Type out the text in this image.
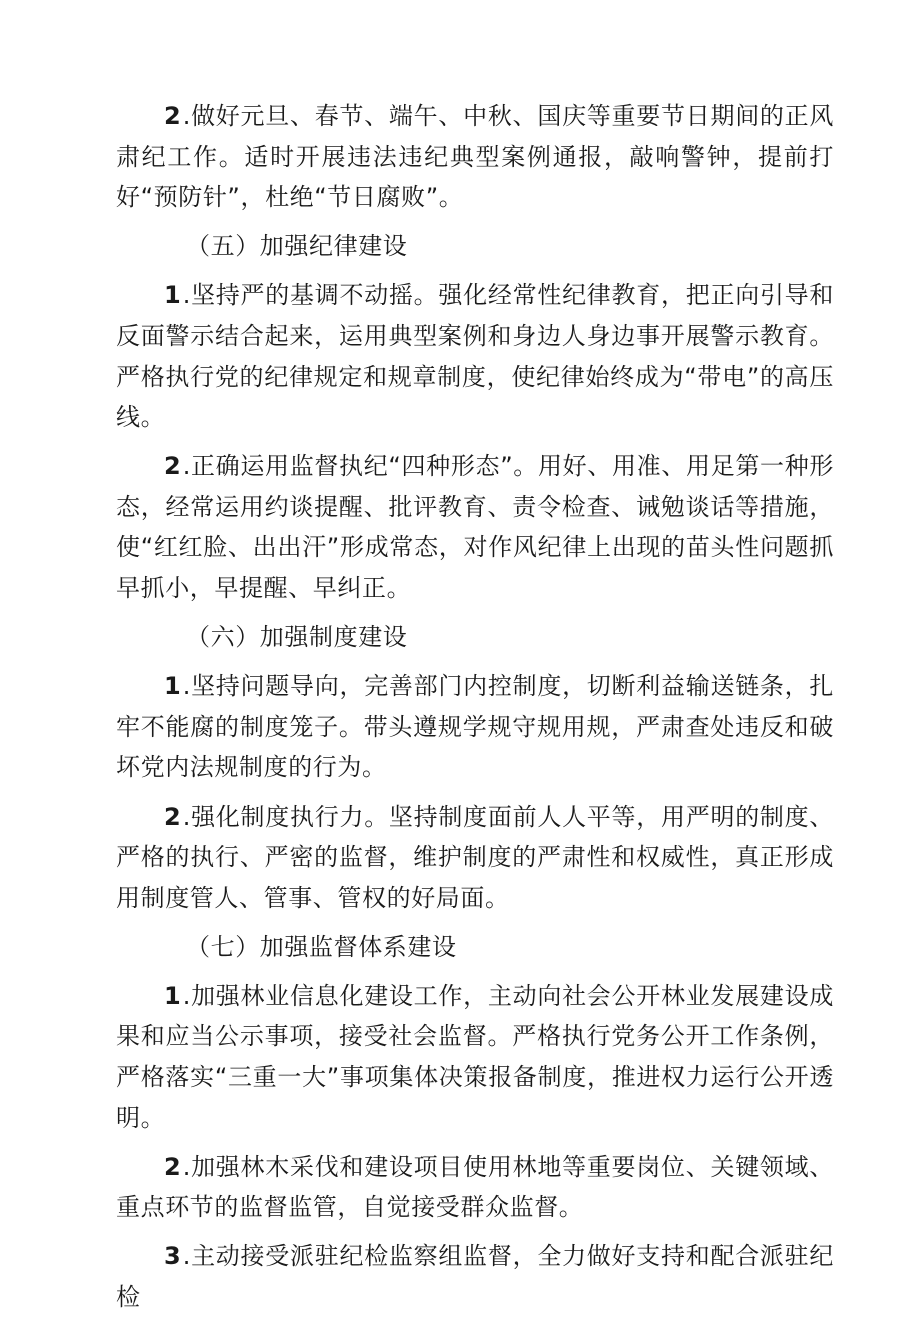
2.做好元旦、春节、端午、中秋、国庆等重要节日期间的正风肃纪工作。适时开展违法违纪典型案例通报，敲响警钟，提前打好“预防针”，杜绝“节日腐败”。

（五）加强纪律建设

1.坚持严的基调不动摇。强化经常性纪律教育，把正向引导和反面警示结合起来，运用典型案例和身边人身边事开展警示教育。严格执行党的纪律规定和规章制度，使纪律始终成为“带电”的高压线。

2.正确运用监督执纪“四种形态”。用好、用准、用足第一种形态，经常运用约谈提醒、批评教育、责令检查、诫勉谈话等措施，使“红红脸、出出汗”形成常态，对作风纪律上出现的苗头性问题抓早抓小，早提醒、早纠正。

（六）加强制度建设

1.坚持问题导向，完善部门内控制度，切断利益输送链条，扎牢不能腐的制度笼子。带头遵规学规守规用规，严肃查处违反和破坏党内法规制度的行为。

2.强化制度执行力。坚持制度面前人人平等，用严明的制度、严格的执行、严密的监督，维护制度的严肃性和权威性，真正形成用制度管人、管事、管权的好局面。

（七）加强监督体系建设

1.加强林业信息化建设工作，主动向社会公开林业发展建设成果和应当公示事项，接受社会监督。严格执行党务公开工作条例，严格落实“三重一大”事项集体决策报备制度，推进权力运行公开透明。

2.加强林木采伐和建设项目使用林地等重要岗位、关键领域、重点环节的监督监管，自觉接受群众监督。

3.主动接受派驻纪检监察组监督，全力做好支持和配合派驻纪检
